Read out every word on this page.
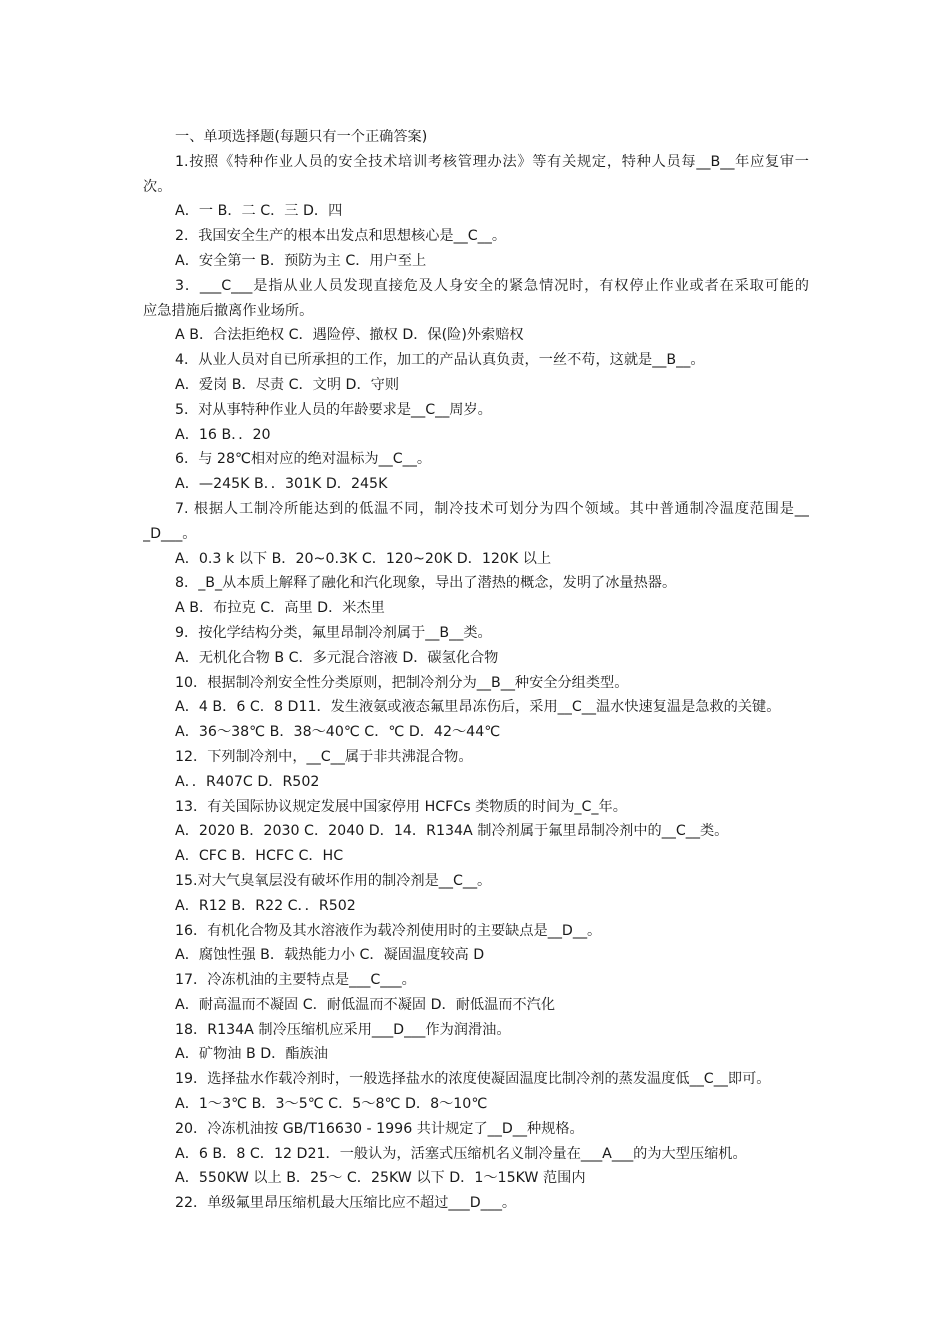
一、单项选择题(每题只有一个正确答案)
1.按照《特种作业人员的安全技术培训考核管理办法》等有关规定，特种人员每__B__年应复审一
次。
A．一 B．二 C．三 D．四
2．我国安全生产的根本出发点和思想核心是__C__。
A．安全第一 B．预防为主 C．用户至上
3．___C___是指从业人员发现直接危及人身安全的紧急情况时，有权停止作业或者在采取可能的
应急措施后撤离作业场所。
A B．合法拒绝权 C．遇险停、撤权 D．保(险)外索赔权
4．从业人员对自已所承担的工作，加工的产品认真负责，一丝不苟，这就是__B__。
A．爱岗 B．尽责 C．文明 D．守则
5．对从事特种作业人员的年龄要求是__C__周岁。
A．16 B．．20
6．与 28℃相对应的绝对温标为__C__。
A．—245K B．．301K D．245K
7. 根据人工制冷所能达到的低温不同，制冷技术可划分为四个领域。其中普通制冷温度范围是__
_D___。
A．0.3 k 以下 B．20~0.3K C．120~20K D．120K 以上
8．_B_从本质上解释了融化和汽化现象，导出了潜热的概念，发明了冰量热器。
A B．布拉克 C．高里 D．米杰里
9．按化学结构分类，氟里昂制冷剂属于__B__类。
A．无机化合物 B C．多元混合溶液 D．碳氢化合物
10．根据制冷剂安全性分类原则，把制冷剂分为__B__种安全分组类型。
A．4 B．6 C．8 D11．发生液氨或液态氟里昂冻伤后，采用__C__温水快速复温是急救的关键。
A．36～38℃ B．38～40℃ C．℃ D．42～44℃
12．下列制冷剂中，__C__属于非共沸混合物。
A．．R407C D．R502
13．有关国际协议规定发展中国家停用 HCFCs 类物质的时间为_C_年。
A．2020 B．2030 C．2040 D．14．R134A 制冷剂属于氟里昂制冷剂中的__C__类。
A．CFC B．HCFC C．HC
15.对大气臭氧层没有破坏作用的制冷剂是__C__。
A．R12 B．R22 C．．R502
16．有机化合物及其水溶液作为载冷剂使用时的主要缺点是__D__。
A．腐蚀性强 B．载热能力小 C．凝固温度较高 D
17．冷冻机油的主要特点是___C___。
A．耐高温而不凝固 C．耐低温而不凝固 D．耐低温而不汽化
18．R134A 制冷压缩机应采用___D___作为润滑油。
A．矿物油 B D．酯族油
19．选择盐水作载冷剂时，一般选择盐水的浓度使凝固温度比制冷剂的蒸发温度低__C__即可。
A．1～3℃ B．3～5℃ C．5～8℃ D．8～10℃
20．冷冻机油按 GB/T16630 - 1996 共计规定了__D__种规格。
A．6 B．8 C．12 D21．一般认为，活塞式压缩机名义制冷量在___A___的为大型压缩机。
A．550KW 以上 B．25～ C．25KW 以下 D．1～15KW 范围内
22．单级氟里昂压缩机最大压缩比应不超过___D___。
